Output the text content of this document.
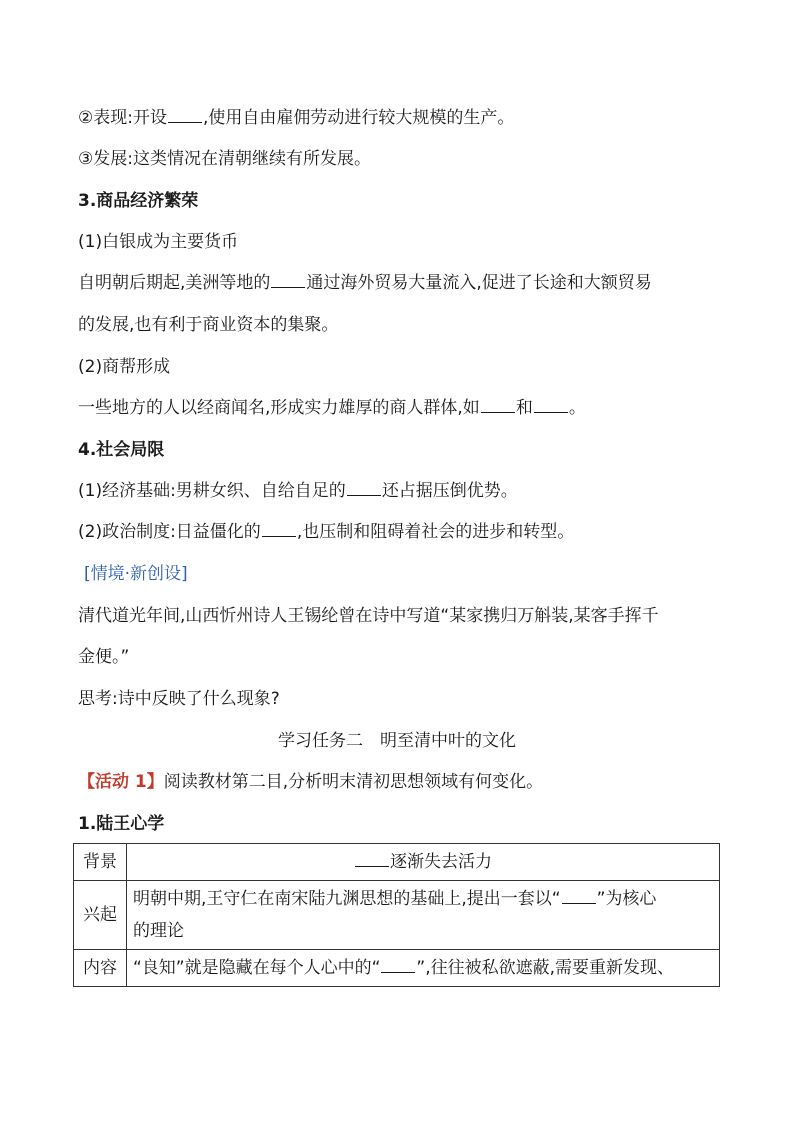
②表现:开设 ,使用自由雇佣劳动进行较大规模的生产。
③发展:这类情况在清朝继续有所发展。
3.商品经济繁荣
(1)白银成为主要货币
自明朝后期起,美洲等地的 通过海外贸易大量流入,促进了长途和大额贸易
的发展,也有利于商业资本的集聚。
(2)商帮形成
一些地方的人以经商闻名,形成实力雄厚的商人群体,如 和 。
4.社会局限
(1)经济基础:男耕女织、自给自足的 还占据压倒优势。
(2)政治制度:日益僵化的 ,也压制和阻碍着社会的进步和转型。
[情境·新创设]
清代道光年间,山西忻州诗人王锡纶曾在诗中写道“某家携归万斛装,某客手挥千
金便。”
思考:诗中反映了什么现象?
学习任务二　明至清中叶的文化
【活动 1】阅读教材第二目,分析明末清初思想领域有何变化。
1.陆王心学
背景	逐渐失去活力
兴起	明朝中期,王守仁在南宋陆九渊思想的基础上,提出一套以“ ”为核心
的理论
内容	“良知”就是隐藏在每个人心中的“ ”,往往被私欲遮蔽,需要重新发现、
